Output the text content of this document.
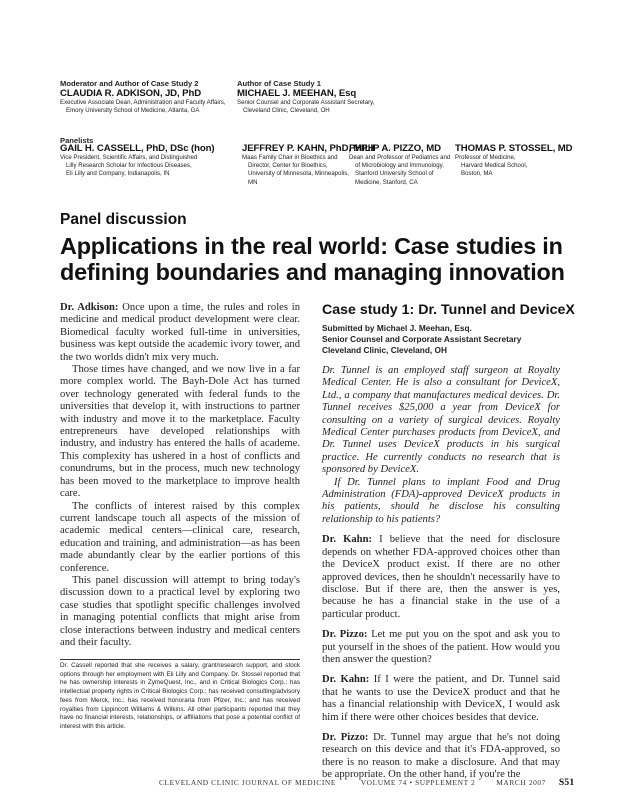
Moderator and Author of Case Study 2
CLAUDIA R. ADKISON, JD, PhD
Executive Associate Dean, Administration and Faculty Affairs,
Emory University School of Medicine, Atlanta, GA
Author of Case Study 1
MICHAEL J. MEEHAN, Esq
Senior Counsel and Corporate Assistant Secretary,
Cleveland Clinic, Cleveland, OH
Panelists
GAIL H. CASSELL, PhD, DSc (hon)
Vice President, Scientific Affairs, and Distinguished
Lilly Research Scholar for Infectious Diseases,
Eli Lilly and Company, Indianapolis, IN
JEFFREY P. KAHN, PhD, MPH
Maas Family Chair in Bioethics and
Director, Center for Bioethics,
University of Minnesota, Minneapolis, MN
PHILIP A. PIZZO, MD
Dean and Professor of Pediatrics and
of Microbiology and Immunology,
Stanford University School of
Medicine, Stanford, CA
THOMAS P. STOSSEL, MD
Professor of Medicine,
Harvard Medical School,
Boston, MA
Panel discussion
Applications in the real world: Case studies in
defining boundaries and managing innovation

Dr. Adkison: Once upon a time, the rules and roles in medicine and medical product development were clear. Biomedical faculty worked full-time in universities, business was kept outside the academic ivory tower, and the two worlds didn't mix very much.

Those times have changed, and we now live in a far more complex world. The Bayh-Dole Act has turned over technology generated with federal funds to the universities that develop it, with instructions to partner with industry and move it to the marketplace. Faculty entrepreneurs have developed relationships with industry, and industry has entered the halls of academe. This complexity has ushered in a host of conflicts and conundrums, but in the process, much new technology has been moved to the marketplace to improve health care.

The conflicts of interest raised by this complex current landscape touch all aspects of the mission of academic medical centers—clinical care, research, education and training, and administration—as has been made abundantly clear by the earlier portions of this conference.

This panel discussion will attempt to bring today's discussion down to a practical level by exploring two case studies that spotlight specific challenges involved in managing potential conflicts that might arise from close interactions between industry and medical centers and their faculty.

Dr. Cassell reported that she receives a salary, grant/research support, and stock options through her employment with Eli Lilly and Company. Dr. Stossel reported that he has ownership interests in ZymeQuest, Inc., and in Critical Biologics Corp.; has intellectual property rights in Critical Biologics Corp.; has received consulting/advisory fees from Merck, Inc.; has received honoraria from Pfizer, Inc.; and has received royalties from Lippincott Williams & Wilkins. All other participants reported that they have no financial interests, relationships, or affiliations that pose a potential conflict of interest with this article.
Case study 1: Dr. Tunnel and DeviceX
Submitted by Michael J. Meehan, Esq.
Senior Counsel and Corporate Assistant Secretary
Cleveland Clinic, Cleveland, OH

Dr. Tunnel is an employed staff surgeon at Royalty Medical Center. He is also a consultant for DeviceX, Ltd., a company that manufactures medical devices. Dr. Tunnel receives $25,000 a year from DeviceX for consulting on a variety of surgical devices. Royalty Medical Center purchases products from DeviceX, and Dr. Tunnel uses DeviceX products in his surgical practice. He currently conducts no research that is sponsored by DeviceX.

If Dr. Tunnel plans to implant Food and Drug Administration (FDA)-approved DeviceX products in his patients, should he disclose his consulting relationship to his patients?

Dr. Kahn: I believe that the need for disclosure depends on whether FDA-approved choices other than the DeviceX product exist. If there are no other approved devices, then he shouldn't necessarily have to disclose. But if there are, then the answer is yes, because he has a financial stake in the use of a particular product.

Dr. Pizzo: Let me put you on the spot and ask you to put yourself in the shoes of the patient. How would you then answer the question?

Dr. Kahn: If I were the patient, and Dr. Tunnel said that he wants to use the DeviceX product and that he has a financial relationship with DeviceX, I would ask him if there were other choices besides that device.

Dr. Pizzo: Dr. Tunnel may argue that he's not doing research on this device and that it's FDA-approved, so there is no reason to make a disclosure. And that may be appropriate. On the other hand, if you're the

CLEVELAND CLINIC JOURNAL OF MEDICINE	VOLUME 74 • SUPPLEMENT 2	MARCH 2007 S51
